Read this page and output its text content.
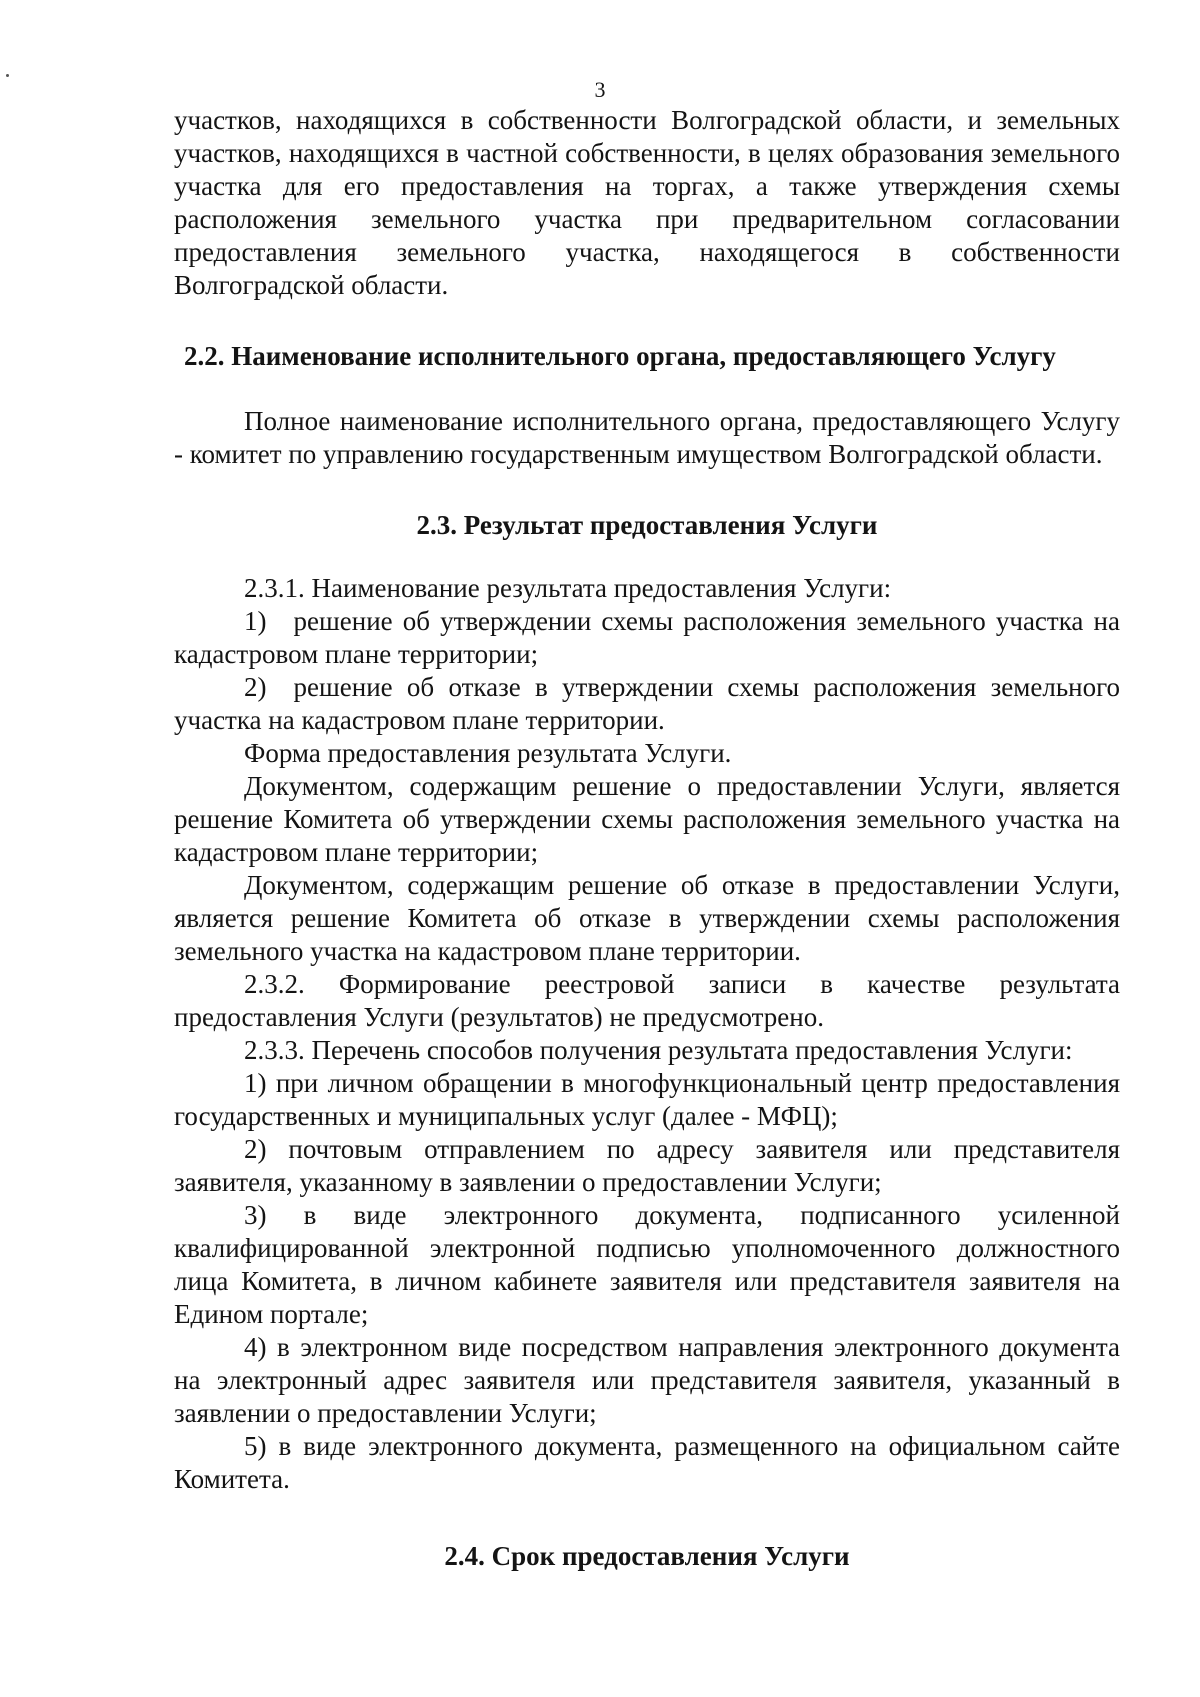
3

участков, находящихся в собственности Волгоградской области, и земельных участков, находящихся в частной собственности, в целях образования земельного участка для его предоставления на торгах, а также утверждения схемы расположения земельного участка при предварительном согласовании предоставления земельного участка, находящегося в собственности Волгоградской области.

2.2. Наименование исполнительного органа, предоставляющего Услугу

Полное наименование исполнительного органа, предоставляющего Услугу - комитет по управлению государственным имуществом Волгоградской области.

2.3. Результат предоставления Услуги

2.3.1. Наименование результата предоставления Услуги:

1) решение об утверждении схемы расположения земельного участка на кадастровом плане территории;

2) решение об отказе в утверждении схемы расположения земельного участка на кадастровом плане территории.

Форма предоставления результата Услуги.

Документом, содержащим решение о предоставлении Услуги, является решение Комитета об утверждении схемы расположения земельного участка на кадастровом плане территории;

Документом, содержащим решение об отказе в предоставлении Услуги, является решение Комитета об отказе в утверждении схемы расположения земельного участка на кадастровом плане территории.

2.3.2. Формирование реестровой записи в качестве результата предоставления Услуги (результатов) не предусмотрено.

2.3.3. Перечень способов получения результата предоставления Услуги:

1) при личном обращении в многофункциональный центр предоставления государственных и муниципальных услуг (далее - МФЦ);

2) почтовым отправлением по адресу заявителя или представителя заявителя, указанному в заявлении о предоставлении Услуги;

3) в виде электронного документа, подписанного усиленной квалифицированной электронной подписью уполномоченного должностного лица Комитета, в личном кабинете заявителя или представителя заявителя на Едином портале;

4) в электронном виде посредством направления электронного документа на электронный адрес заявителя или представителя заявителя, указанный в заявлении о предоставлении Услуги;

5) в виде электронного документа, размещенного на официальном сайте Комитета.

2.4. Срок предоставления Услуги
